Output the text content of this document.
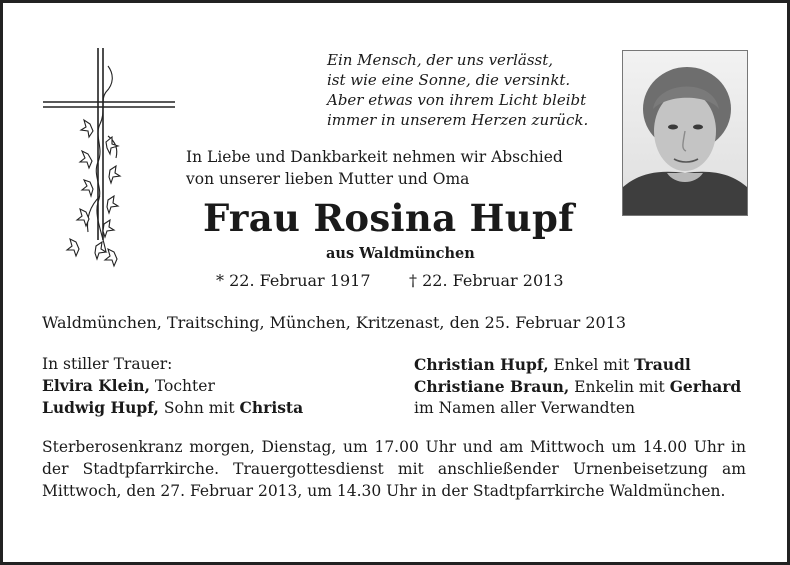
Ein Mensch, der uns verlässt,
ist wie eine Sonne, die versinkt.
Aber etwas von ihrem Licht bleibt
immer in unserem Herzen zurück.
In Liebe und Dankbarkeit nehmen wir Abschied
von unserer lieben Mutter und Oma
Frau Rosina Hupf
aus Waldmünchen
* 22. Februar 1917 † 22. Februar 2013
Waldmünchen, Traitsching, München, Kritzenast, den 25. Februar 2013
In stiller Trauer:
Elvira Klein, Tochter
Ludwig Hupf, Sohn mit Christa
Christian Hupf, Enkel mit Traudl
Christiane Braun, Enkelin mit Gerhard
im Namen aller Verwandten
Sterberosenkranz morgen, Dienstag, um 17.00 Uhr und am Mittwoch um 14.00 Uhr in der Stadtpfarrkirche. Trauergottesdienst mit anschließender Urnenbeisetzung am Mittwoch, den 27. Februar 2013, um 14.30 Uhr in der Stadtpfarrkirche Waldmünchen.
